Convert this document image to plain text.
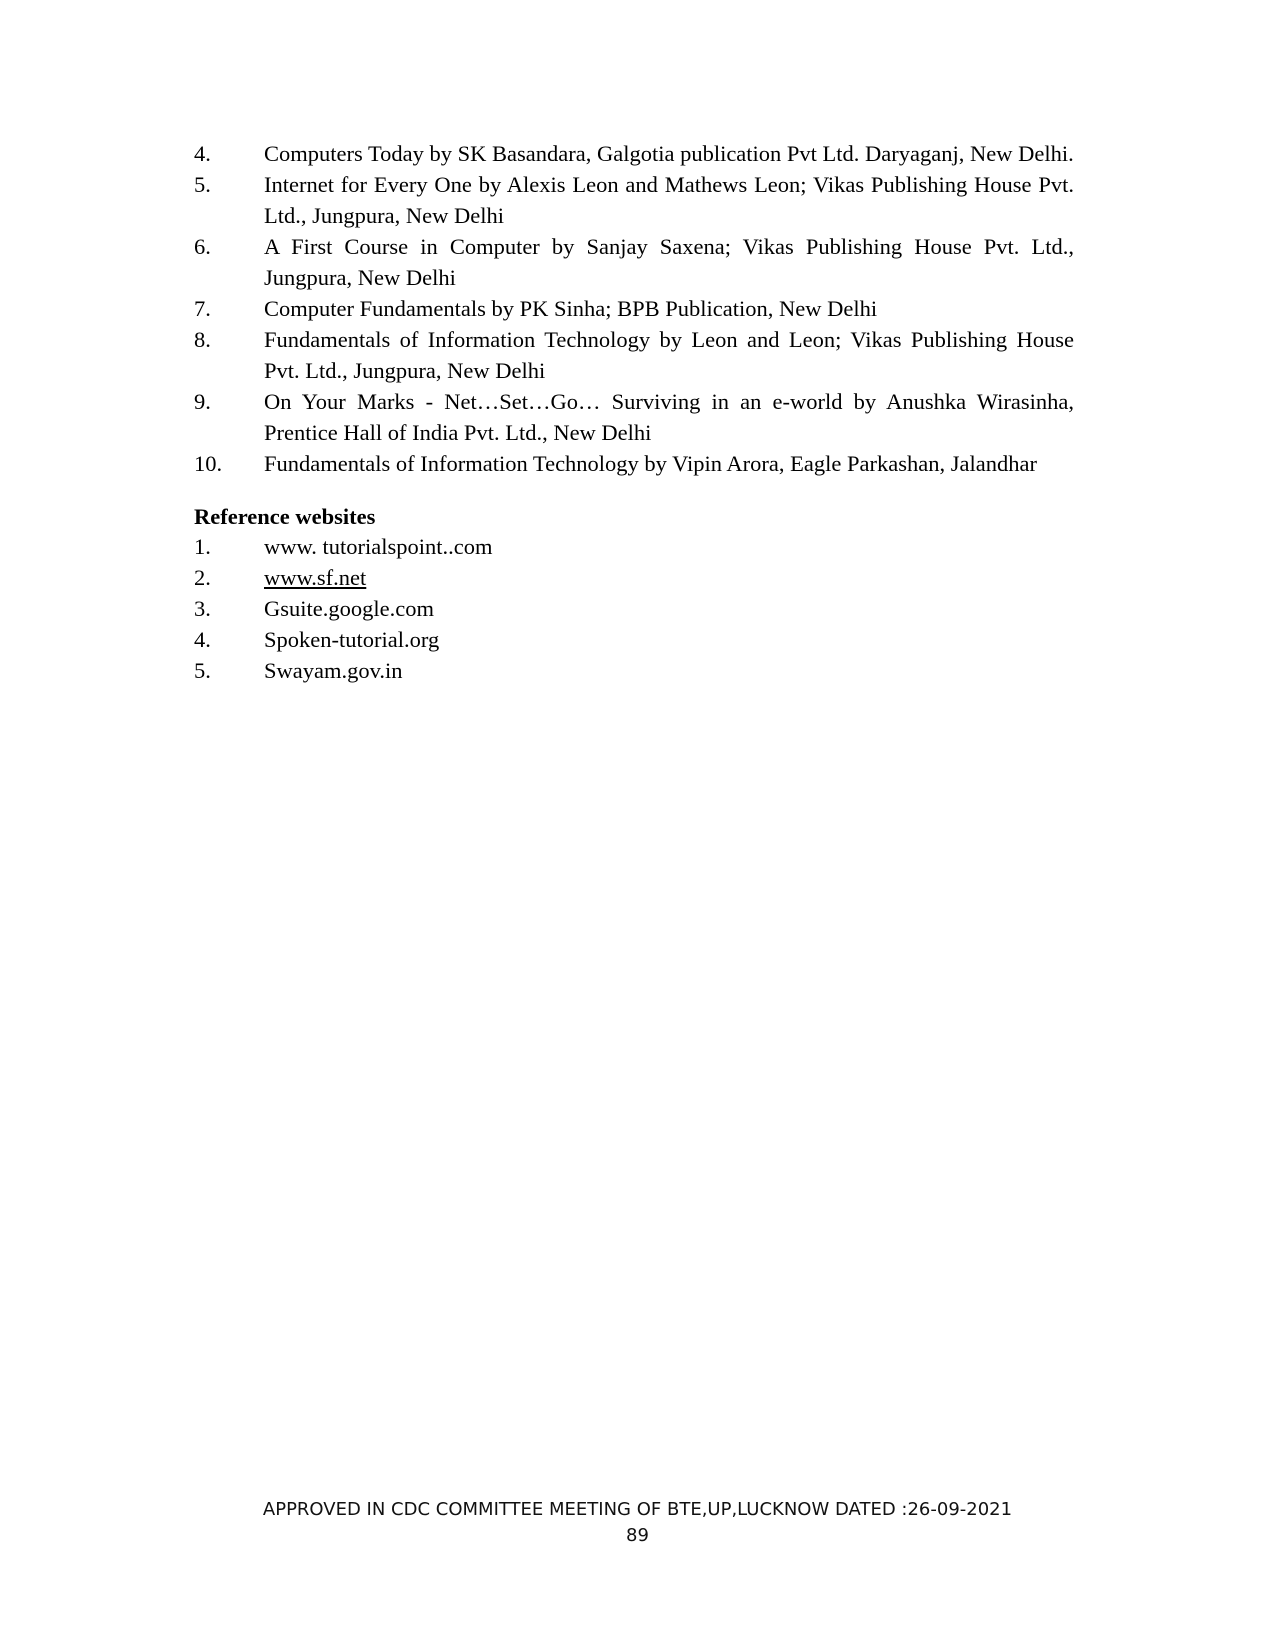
4.	Computers Today by SK Basandara, Galgotia publication Pvt Ltd. Daryaganj, New Delhi.
5.	Internet for Every One by Alexis Leon and Mathews Leon; Vikas Publishing House Pvt. Ltd., Jungpura, New Delhi
6.	A First Course in Computer by Sanjay Saxena; Vikas Publishing House Pvt. Ltd., Jungpura, New Delhi
7.	Computer Fundamentals by PK Sinha; BPB Publication, New Delhi
8.	Fundamentals of Information Technology by Leon and Leon; Vikas Publishing House Pvt. Ltd., Jungpura, New Delhi
9.	On Your Marks - Net…Set…Go… Surviving in an e-world by Anushka Wirasinha, Prentice Hall of India Pvt. Ltd., New Delhi
10.	Fundamentals of Information Technology by Vipin Arora, Eagle Parkashan, Jalandhar
Reference websites
1.	www. tutorialspoint..com
2.	www.sf.net
3.	Gsuite.google.com
4.	Spoken-tutorial.org
5.	Swayam.gov.in
APPROVED IN CDC COMMITTEE MEETING OF BTE,UP,LUCKNOW DATED :26-09-2021
89
